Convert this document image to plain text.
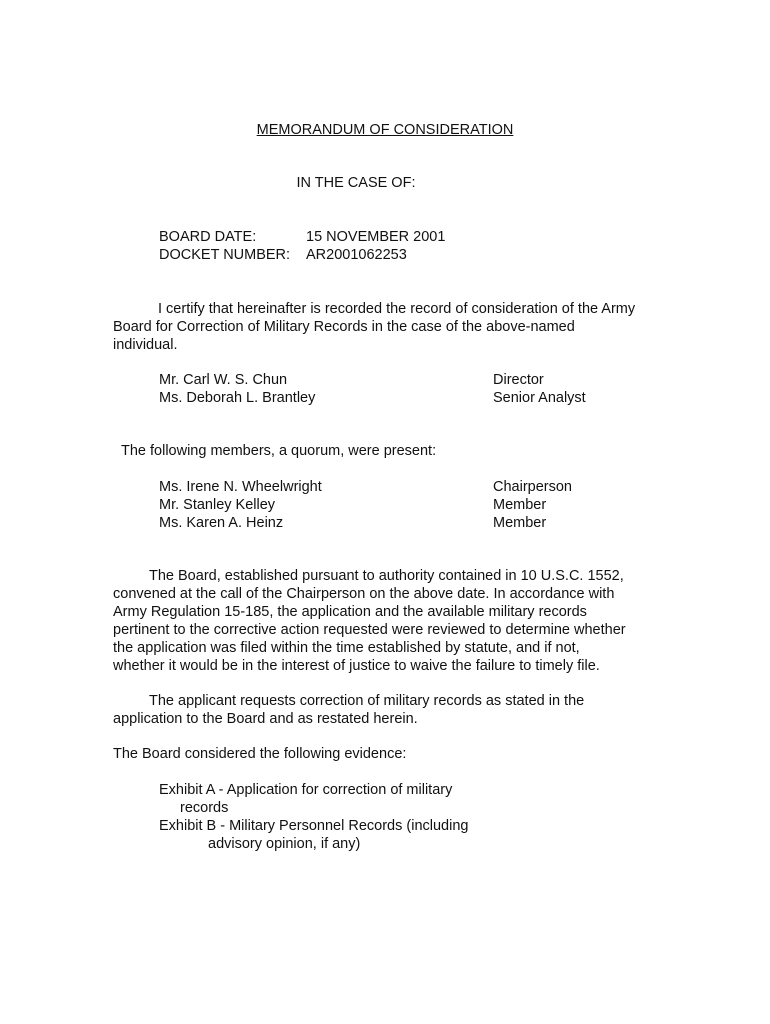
MEMORANDUM OF CONSIDERATION
IN THE CASE OF:
BOARD DATE:	15 NOVEMBER 2001
DOCKET NUMBER: AR2001062253
I certify that hereinafter is recorded the record of consideration of the Army
Board for Correction of Military Records in the case of the above-named
individual.
Mr. Carl W. S. Chun	Director
Ms. Deborah L. Brantley	Senior Analyst
The following members, a quorum, were present:
Ms. Irene N. Wheelwright	Chairperson
Mr. Stanley Kelley	Member
Ms. Karen A. Heinz	Member
The Board, established pursuant to authority contained in 10 U.S.C. 1552,
convened at the call of the Chairperson on the above date. In accordance with
Army Regulation 15-185, the application and the available military records
pertinent to the corrective action requested were reviewed to determine whether
the application was filed within the time established by statute, and if not,
whether it would be in the interest of justice to waive the failure to timely file.
The applicant requests correction of military records as stated in the
application to the Board and as restated herein.
The Board considered the following evidence:
Exhibit A - Application for correction of military
records
Exhibit B - Military Personnel Records (including
advisory opinion, if any)
